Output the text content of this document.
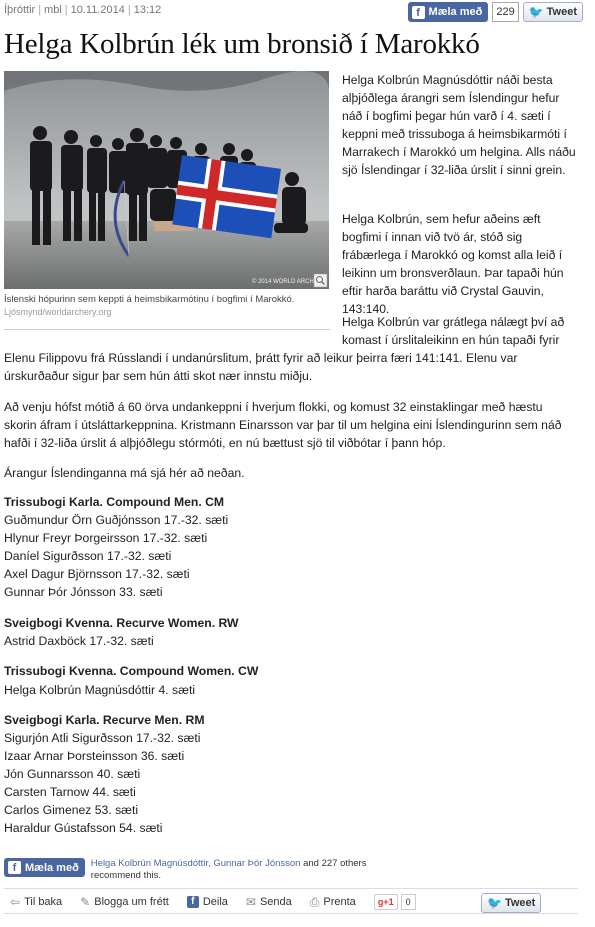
Íþróttir | mbl | 10.11.2014 | 13:12	f Mæla með	229	🐦 Tweet
Helga Kolbrún lék um bronsið í Marokkó
© 2014 WORLD ARCH
Íslenski hópurinn sem keppti á heimsbikarmótinu í bogfimi í Marokkó.
Ljósmynd/worldarchery.org

Helga Kolbrún Magnúsdóttir náði besta alþjóðlega árangri sem Íslendingur hefur náð í bogfimi þegar hún varð í 4. sæti í keppni með trissuboga á heimsbikarmóti í Marrakech í Marokkó um helgina. Alls náðu sjö Íslendingar í 32-liða úrslit í sinni grein.

Helga Kolbrún, sem hefur aðeins æft bogfimi í innan við tvö ár, stóð sig frábærlega í Marokkó og komst alla leið í leikinn um bronsverðlaun. Þar tapaði hún eftir harða baráttu við Crystal Gauvin, 143:140.

Helga Kolbrún var grátlega nálægt því að komast í úrslitaleikinn en hún tapaði fyrir

Elenu Filippovu frá Rússlandi í undanúrslitum, þrátt fyrir að leikur þeirra færi 141:141. Elenu var úrskurðaður sigur þar sem hún átti skot nær innstu miðju.

Að venju hófst mótið á 60 örva undankeppni í hverjum flokki, og komust 32 einstaklingar með hæstu skorin áfram í útsláttarkeppnina. Kristmann Einarsson var þar til um helgina eini Íslendingurinn sem náð hafði í 32-liða úrslit á alþjóðlegu stórmóti, en nú bættust sjö til viðbótar í þann hóp.

Árangur Íslendinganna má sjá hér að neðan.

Trissubogi Karla. Compound Men. CM
Guðmundur Örn Guðjónsson 17.-32. sæti
Hlynur Freyr Þorgeirsson 17.-32. sæti
Daníel Sigurðsson 17.-32. sæti
Axel Dagur Björnsson 17.-32. sæti
Gunnar Þór Jónsson 33. sæti
Sveigbogi Kvenna. Recurve Women. RW
Astrid Daxböck 17.-32. sæti
Trissubogi Kvenna. Compound Women. CW
Helga Kolbrún Magnúsdóttir 4. sæti
Sveigbogi Karla. Recurve Men. RM
Sigurjón Atli Sigurðsson 17.-32. sæti
Izaar Arnar Þorsteinsson 36. sæti
Jón Gunnarsson 40. sæti
Carsten Tarnow 44. sæti
Carlos Gimenez 53. sæti
Haraldur Gústafsson 54. sæti
f Mæla með Helga Kolbrún Magnúsdóttir, Gunnar Þór Jónsson and 227 others recommend this.
⇦ Til baka ✎ Blogga um frétt	f Deila ✉ Senda ⎙ Prenta	g+1	0	🐦 Tweet
